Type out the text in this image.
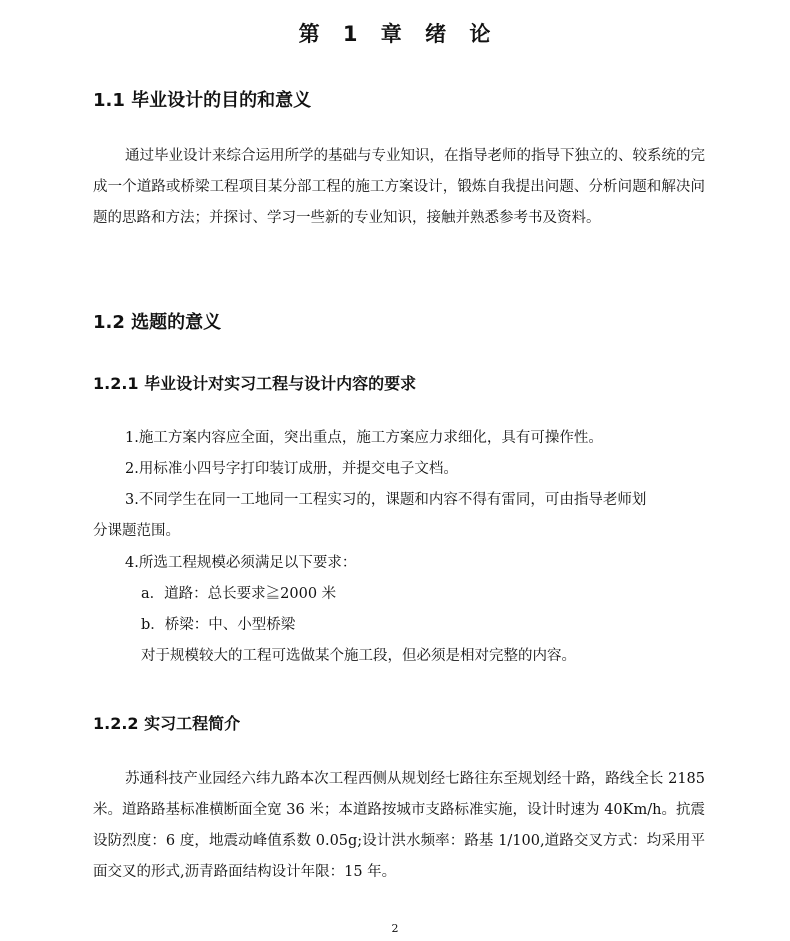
第 1 章 绪 论
1.1 毕业设计的目的和意义
通过毕业设计来综合运用所学的基础与专业知识，在指导老师的指导下独立的、较系统的完成一个道路或桥梁工程项目某分部工程的施工方案设计，锻炼自我提出问题、分析问题和解决问题的思路和方法；并探讨、学习一些新的专业知识，接触并熟悉参考书及资料。
1.2 选题的意义
1.2.1 毕业设计对实习工程与设计内容的要求
1.施工方案内容应全面，突出重点，施工方案应力求细化，具有可操作性。
2.用标准小四号字打印装订成册，并提交电子文档。
3.不同学生在同一工地同一工程实习的，课题和内容不得有雷同，可由指导老师划
分课题范围。
4.所选工程规模必须满足以下要求：
a．道路：总长要求≧2000 米
b．桥梁：中、小型桥梁
对于规模较大的工程可选做某个施工段，但必须是相对完整的内容。
1.2.2 实习工程简介
苏通科技产业园经六纬九路本次工程西侧从规划经七路往东至规划经十路，路线全长 2185 米。道路路基标准横断面全宽 36 米；本道路按城市支路标准实施，设计时速为 40Km/h。抗震设防烈度：6 度，地震动峰值系数 0.05g;设计洪水频率：路基 1/100,道路交叉方式：均采用平面交叉的形式,沥青路面结构设计年限：15 年。
2
